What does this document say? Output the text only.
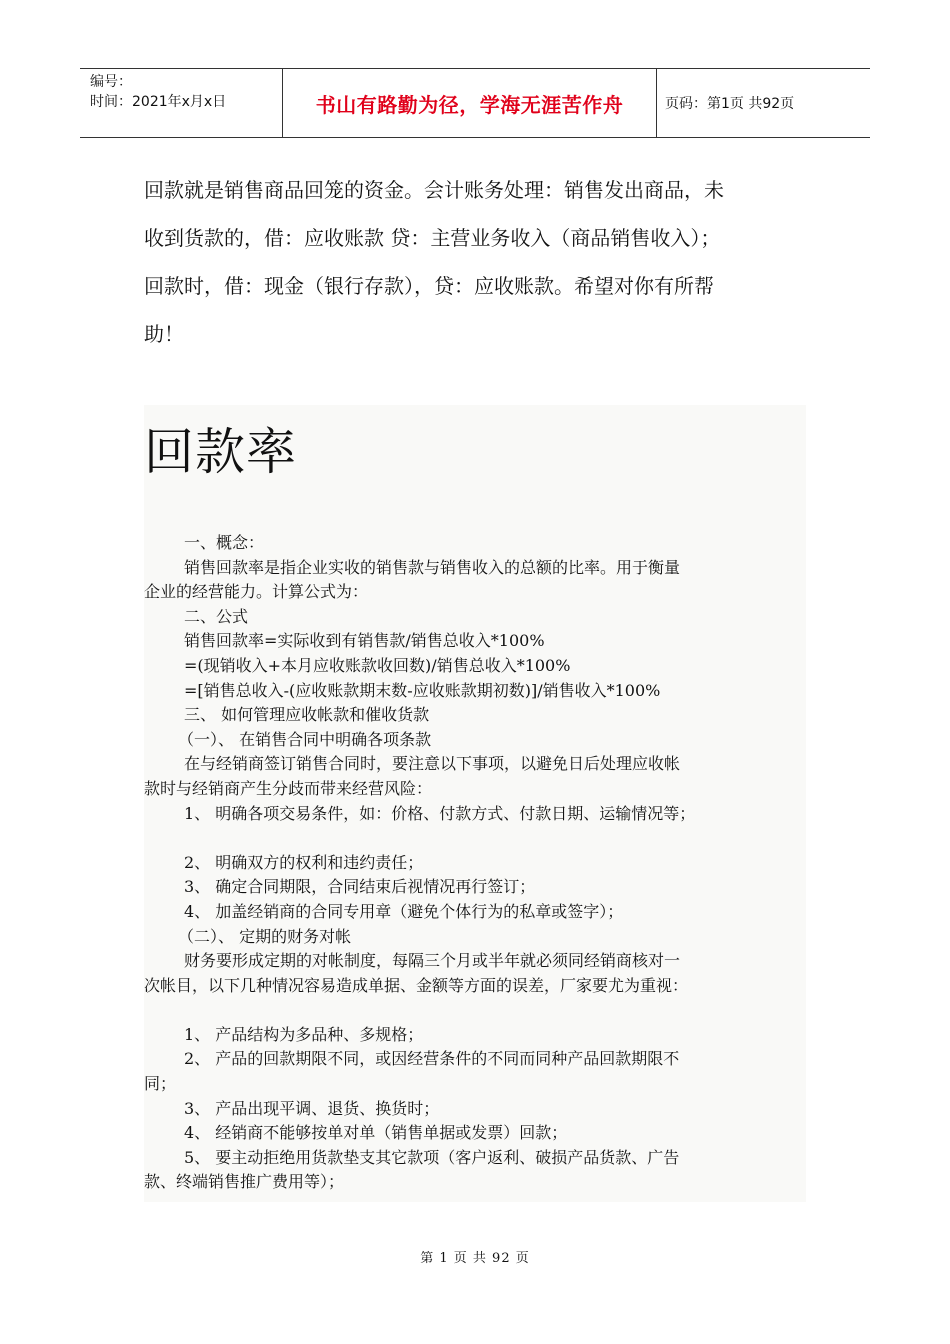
编号：
时间：2021年x月x日	书山有路勤为径，学海无涯苦作舟	页码：第1页 共92页

回款就是销售商品回笼的资金。会计账务处理：销售发出商品，未

收到货款的，借：应收账款 贷：主营业务收入（商品销售收入）；

回款时，借：现金（银行存款），贷：应收账款。希望对你有所帮

助！

回款率

一、概念：

销售回款率是指企业实收的销售款与销售收入的总额的比率。用于衡量

企业的经营能力。计算公式为：

二、公式

销售回款率=实际收到有销售款/销售总收入*100%

=(现销收入+本月应收账款收回数)/销售总收入*100%

=[销售总收入-(应收账款期末数-应收账款期初数)]/销售收入*100%

三、 如何管理应收帐款和催收货款

（一）、 在销售合同中明确各项条款

在与经销商签订销售合同时，要注意以下事项，以避免日后处理应收帐

款时与经销商产生分歧而带来经营风险：

1、 明确各项交易条件，如：价格、付款方式、付款日期、运输情况等；

2、 明确双方的权利和违约责任；

3、 确定合同期限，合同结束后视情况再行签订；

4、 加盖经销商的合同专用章（避免个体行为的私章或签字）；

（二）、 定期的财务对帐

财务要形成定期的对帐制度，每隔三个月或半年就必须同经销商核对一

次帐目，以下几种情况容易造成单据、金额等方面的误差，厂家要尤为重视：

1、 产品结构为多品种、多规格；

2、 产品的回款期限不同，或因经营条件的不同而同种产品回款期限不

同；

3、 产品出现平调、退货、换货时；

4、 经销商不能够按单对单（销售单据或发票）回款；

5、 要主动拒绝用货款垫支其它款项（客户返利、破损产品货款、广告

款、终端销售推广费用等）；

第 1 页 共 92 页
